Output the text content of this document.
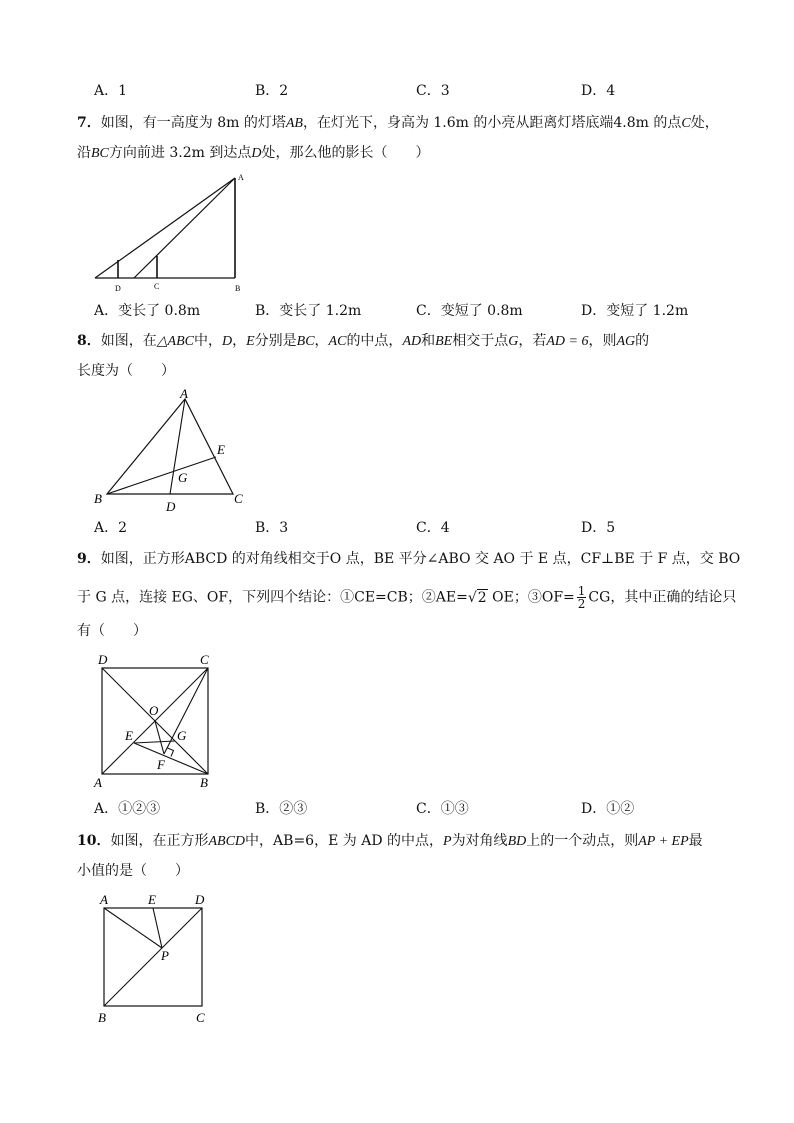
A．1	B．2	C．3	D．4
7．如图，有一高度为 8m 的灯塔AB，在灯光下，身高为 1.6m 的小亮从距离灯塔底端4.8m 的点C处，
沿BC方向前进 3.2m 到达点D处，那么他的影长（　　）
A
B
C
D
A．变长了 0.8m	B．变长了 1.2m	C．变短了 0.8m	D．变短了 1.2m
8．如图，在△ABC中，D，E分别是BC，AC的中点，AD和BE相交于点G，若AD = 6，则AG的
长度为（　　）
A
B	C
D
E
G
A．2	B．3	C．4	D．5
9．如图，正方形ABCD 的对角线相交于O 点，BE 平分∠ABO 交 AO 于 E 点，CF⊥BE 于 F 点，交 BO
于 G 点，连接 EG、OF，下列四个结论：①CE=CB；②AE=√2 OE；③OF= $\frac{1}{2}$ CG，其中正确的结论只
有（　　）
D	C
A	B
O
E	G
F
A．①②③	B．②③	C．①③	D．①②
10．如图，在正方形ABCD中，AB=6，E 为 AD 的中点，P为对角线BD上的一个动点，则AP + EP最
小值的是（　　）
A	E	D
P
B	C
